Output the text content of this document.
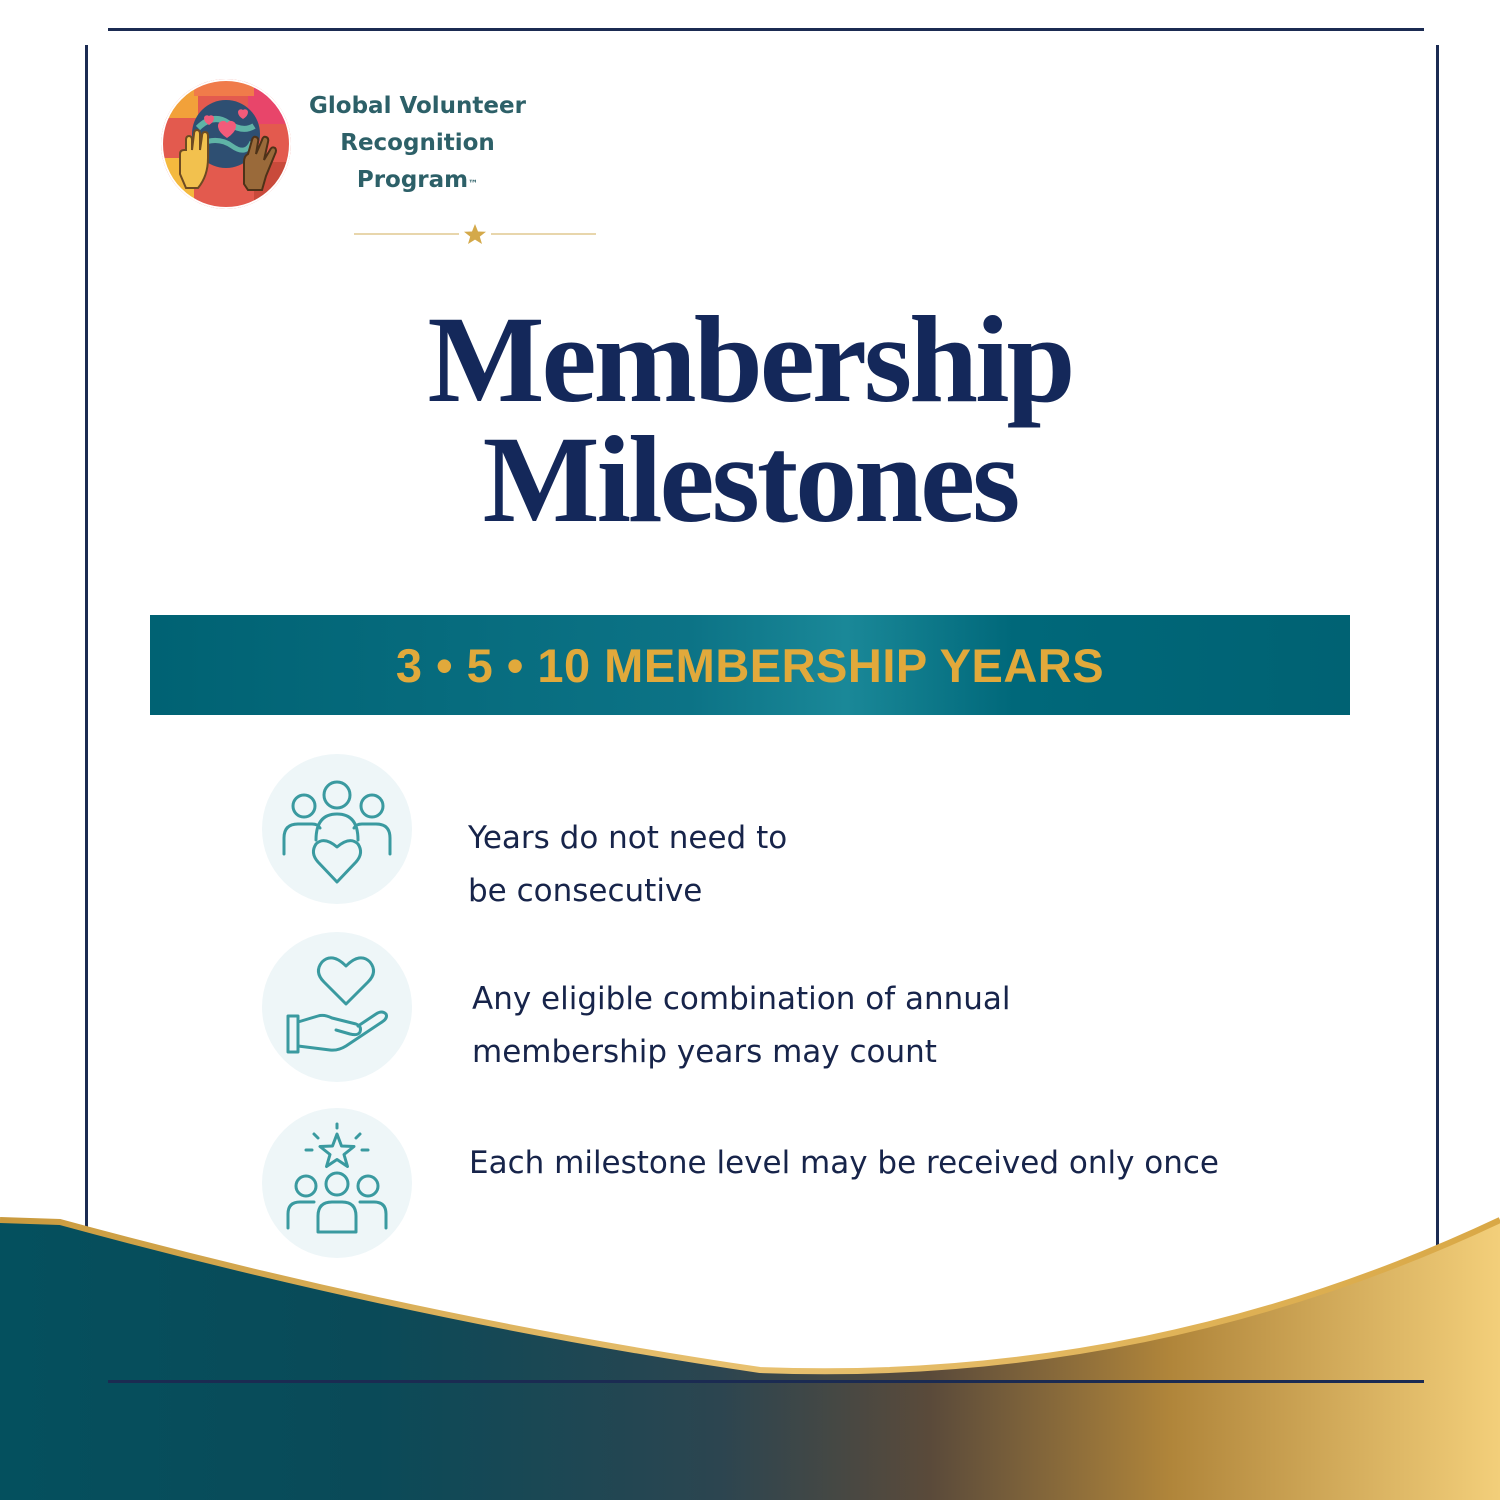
Global Volunteer
Recognition
Program™
Membership
Milestones
3 • 5 • 10 MEMBERSHIP YEARS
Years do not need to
be consecutive
Any eligible combination of annual
membership years may count
Each milestone level may be received only once
